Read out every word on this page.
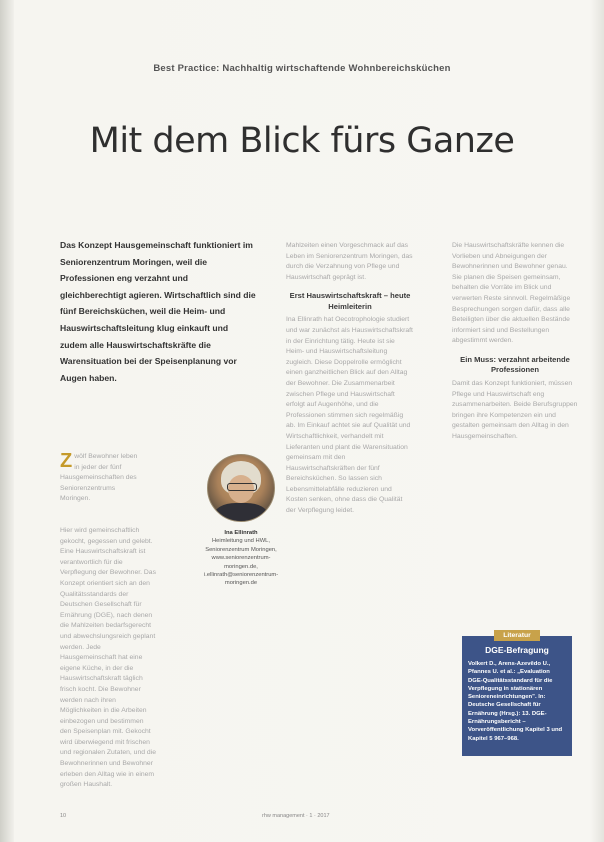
Best Practice: Nachhaltig wirtschaftende Wohnbereichsküchen
Mit dem Blick fürs Ganze
Das Konzept Hausgemeinschaft funktioniert im Seniorenzentrum Moringen, weil die Professionen eng verzahnt und gleichberechtigt agieren. Wirtschaftlich sind die fünf Bereichsküchen, weil die Heim- und Hauswirtschaftsleitung klug einkauft und zudem alle Hauswirtschaftskräfte die Warensituation bei der Speisenplanung vor Augen haben.
Z wölf Bewohner leben in jeder der fünf Hausgemeinschaften des Seniorenzentrums Moringen.
Hier wird gemeinschaftlich gekocht, gegessen und gelebt. Eine Hauswirtschaftskraft ist verantwortlich für die Verpflegung der Bewohner. Das Konzept orientiert sich an den Qualitätsstandards der Deutschen Gesellschaft für Ernährung (DGE), nach denen die Mahlzeiten bedarfsgerecht und abwechslungsreich geplant werden. Jede Hausgemeinschaft hat eine eigene Küche, in der die Hauswirtschaftskraft täglich frisch kocht. Die Bewohner werden nach ihren Möglichkeiten in die Arbeiten einbezogen und bestimmen den Speisenplan mit. Gekocht wird überwiegend mit frischen und regionalen Zutaten, und die Bewohnerinnen und Bewohner erleben den Alltag wie in einem großen Haushalt.
Ina Ellinrath
Heimleitung und HWL, Seniorenzentrum Moringen, www.seniorenzentrum-moringen.de, i.ellinrath@seniorenzentrum-moringen.de

Mahlzeiten einen Vorgeschmack auf das Leben im Seniorenzentrum Moringen, das durch die Verzahnung von Pflege und Hauswirtschaft geprägt ist.

Erst Hauswirtschaftskraft – heute Heimleiterin

Ina Ellinrath hat Oecotrophologie studiert und war zunächst als Hauswirtschaftskraft in der Einrichtung tätig. Heute ist sie Heim- und Hauswirtschaftsleitung zugleich. Diese Doppelrolle ermöglicht einen ganzheitlichen Blick auf den Alltag der Bewohner. Die Zusammenarbeit zwischen Pflege und Hauswirtschaft erfolgt auf Augenhöhe, und die Professionen stimmen sich regelmäßig ab. Im Einkauf achtet sie auf Qualität und Wirtschaftlichkeit, verhandelt mit Lieferanten und plant die Warensituation gemeinsam mit den Hauswirtschaftskräften der fünf Bereichsküchen. So lassen sich Lebensmittelabfälle reduzieren und Kosten senken, ohne dass die Qualität der Verpflegung leidet.

Die Hauswirtschaftskräfte kennen die Vorlieben und Abneigungen der Bewohnerinnen und Bewohner genau. Sie planen die Speisen gemeinsam, behalten die Vorräte im Blick und verwerten Reste sinnvoll. Regelmäßige Besprechungen sorgen dafür, dass alle Beteiligten über die aktuellen Bestände informiert sind und Bestellungen abgestimmt werden.

Ein Muss: verzahnt arbeitende Professionen

Damit das Konzept funktioniert, müssen Pflege und Hauswirtschaft eng zusammenarbeiten. Beide Berufsgruppen bringen ihre Kompetenzen ein und gestalten gemeinsam den Alltag in den Hausgemeinschaften.

Literatur
DGE-Befragung
Volkert D., Arens-Azevêdo U., Pfannes U. et al.: „Evaluation DGE-Qualitätsstandard für die Verpflegung in stationären Senioreneinrichtungen". In: Deutsche Gesellschaft für Ernährung (Hrsg.): 13. DGE-Ernährungsbericht – Vorveröffentlichung Kapitel 3 und Kapitel 5 967–968.
10	rhw management · 1 · 2017
